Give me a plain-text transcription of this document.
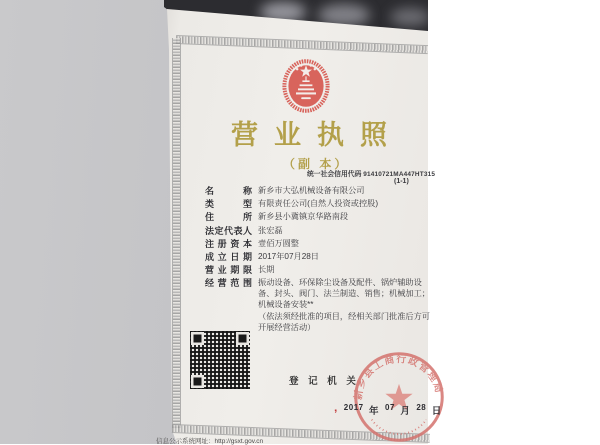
营业执照
（副 本）
统一社会信用代码 91410721MA447HT315
(1-1)
名称 新乡市大弘机械设备有限公司
类型 有限责任公司(自然人投资或控股)
住所 新乡县小冀镇京华路南段
法定代表人 张宏磊
注册资本 壹佰万圆整
成立日期 2017年07月28日
营业期限 长期
经营范围 振动设备、环保除尘设备及配件、锅炉辅助设备、封头、阀门、法兰制造、销售；机械加工；机械设备安装**
（依法须经批准的项目，经相关部门批准后方可开展经营活动）
登 记 机 关
新乡县工商行政管理局
$_’$ $^{2017}$ 年 $^{07}$ 月 $^{28}$ 日
信息公示系统网址：http://gsxt.gov.cn
